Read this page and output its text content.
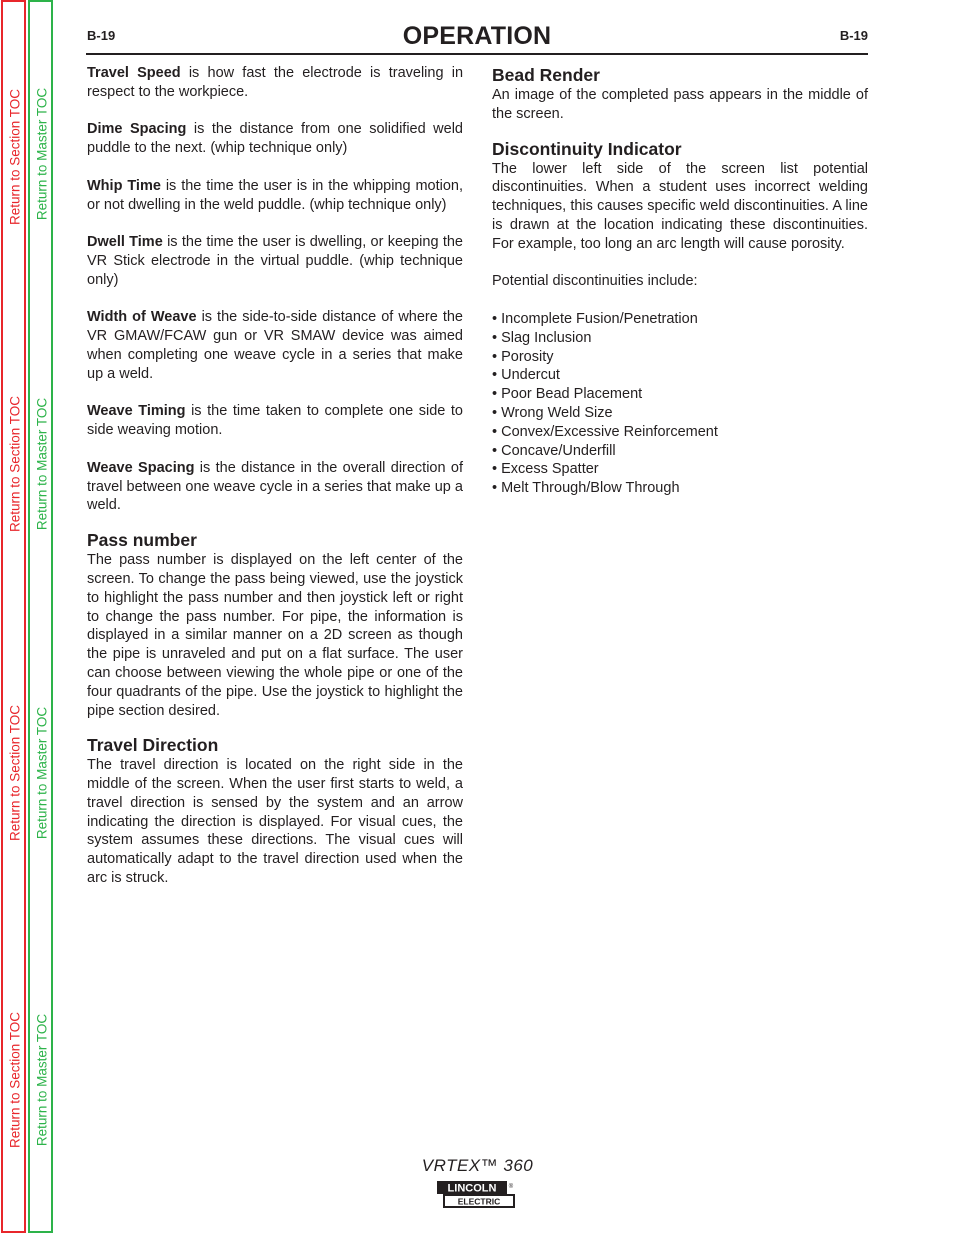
Return to Section TOC
Return to Section TOC
Return to Section TOC
Return to Section TOC
Return to Master TOC
Return to Master TOC
Return to Master TOC
Return to Master TOC
B-19	OPERATION	B-19

Travel Speed is how fast the electrode is traveling in respect to the workpiece.

Dime Spacing is the distance from one solidified weld puddle to the next. (whip technique only)

Whip Time is the time the user is in the whipping motion, or not dwelling in the weld puddle. (whip technique only)

Dwell Time is the time the user is dwelling, or keeping the VR Stick electrode in the virtual puddle. (whip technique only)

Width of Weave is the side-to-side distance of where the VR GMAW/FCAW gun or VR SMAW device was aimed when completing one weave cycle in a series that make up a weld.

Weave Timing is the time taken to complete one side to side weaving motion.

Weave Spacing is the distance in the overall direction of travel between one weave cycle in a series that make up a weld.

Pass number

The pass number is displayed on the left center of the screen. To change the pass being viewed, use the joystick to highlight the pass number and then joystick left or right to change the pass number. For pipe, the information is displayed in a similar manner on a 2D screen as though the pipe is unraveled and put on a flat surface. The user can choose between viewing the whole pipe or one of the four quadrants of the pipe. Use the joystick to highlight the pipe section desired.

Travel Direction

The travel direction is located on the right side in the middle of the screen. When the user first starts to weld, a travel direction is sensed by the system and an arrow indicating the direction is displayed. For visual cues, the system assumes these directions. The visual cues will automatically adapt to the travel direction used when the arc is struck.

Bead Render

An image of the completed pass appears in the middle of the screen.

Discontinuity Indicator

The lower left side of the screen list potential discontinuities. When a student uses incorrect welding techniques, this causes specific weld discontinuities. A line is drawn at the location indicating these discontinuities. For example, too long an arc length will cause porosity.

Potential discontinuities include:

• Incomplete Fusion/Penetration
• Slag Inclusion
• Porosity
• Undercut
• Poor Bead Placement
• Wrong Weld Size
• Convex/Excessive Reinforcement
• Concave/Underfill
• Excess Spatter
• Melt Through/Blow Through
VRTEX™ 360
LINCOLN
ELECTRIC
®
